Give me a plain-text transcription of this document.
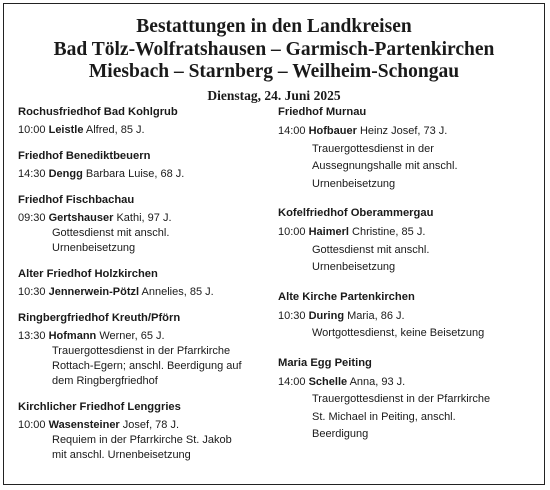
Bestattungen in den Landkreisen
Bad Tölz-Wolfratshausen – Garmisch-Partenkirchen
Miesbach – Starnberg – Weilheim-Schongau
Dienstag, 24. Juni 2025
Rochusfriedhof Bad Kohlgrub
10:00 Leistle Alfred, 85 J.
Friedhof Benediktbeuern
14:30 Dengg Barbara Luise, 68 J.
Friedhof Fischbachau
09:30 Gertshauser Kathi, 97 J.
Gottesdienst mit anschl.
Urnenbeisetzung
Alter Friedhof Holzkirchen
10:30 Jennerwein-Pötzl Annelies, 85 J.
Ringbergfriedhof Kreuth/Pförn
13:30 Hofmann Werner, 65 J.
Trauergottesdienst in der Pfarrkirche
Rottach-Egern; anschl. Beerdigung auf
dem Ringbergfriedhof
Kirchlicher Friedhof Lenggries
10:00 Wasensteiner Josef, 78 J.
Requiem in der Pfarrkirche St. Jakob
mit anschl. Urnenbeisetzung
Friedhof Murnau
14:00 Hofbauer Heinz Josef, 73 J.
Trauergottesdienst in der
Aussegnungshalle mit anschl.
Urnenbeisetzung
Kofelfriedhof Oberammergau
10:00 Haimerl Christine, 85 J.
Gottesdienst mit anschl.
Urnenbeisetzung
Alte Kirche Partenkirchen
10:30 During Maria, 86 J.
Wortgottesdienst, keine Beisetzung
Maria Egg Peiting
14:00 Schelle Anna, 93 J.
Trauergottesdienst in der Pfarrkirche
St. Michael in Peiting, anschl.
Beerdigung
